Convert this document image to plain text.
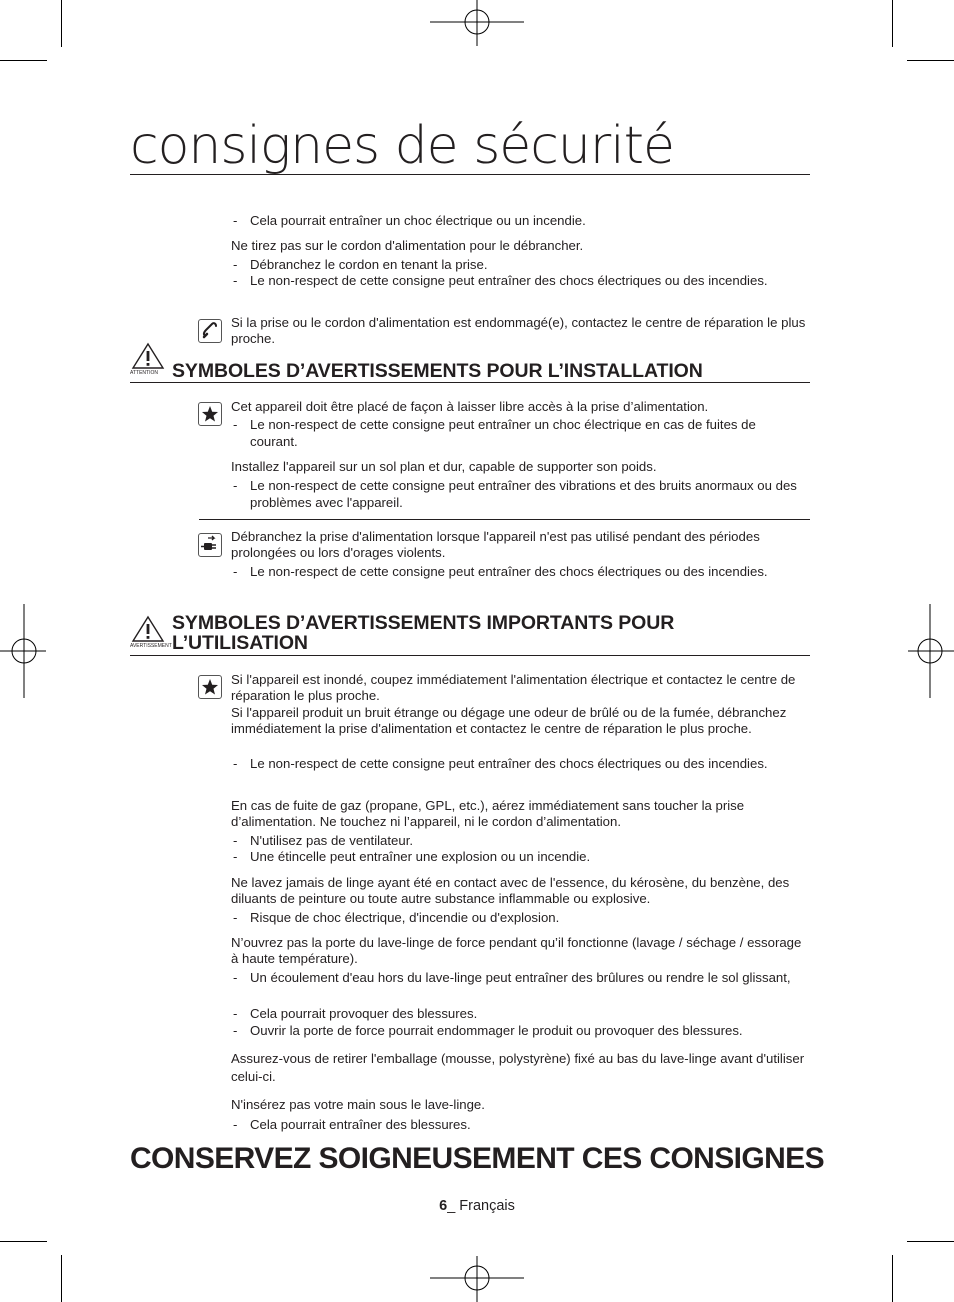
consignes de sécurité
- Cela pourrait entraîner un choc électrique ou un incendie.

Ne tirez pas sur le cordon d'alimentation pour le débrancher.

- Débranchez le cordon en tenant la prise.
- Le non-respect de cette consigne peut entraîner des chocs électriques ou des incendies.

Si la prise ou le cordon d'alimentation est endommagé(e), contactez le centre de réparation le plus proche.

ATTENTION SYMBOLES D’AVERTISSEMENTS POUR L’INSTALLATION

Cet appareil doit être placé de façon à laisser libre accès à la prise d’alimentation.

- Le non-respect de cette consigne peut entraîner un choc électrique en cas de fuites de courant.

Installez l'appareil sur un sol plan et dur, capable de supporter son poids.

- Le non-respect de cette consigne peut entraîner des vibrations et des bruits anormaux ou des problèmes avec l'appareil.

Débranchez la prise d'alimentation lorsque l'appareil n'est pas utilisé pendant des périodes prolongées ou lors d'orages violents.

- Le non-respect de cette consigne peut entraîner des chocs électriques ou des incendies.
AVERTISSEMENT
SYMBOLES D’AVERTISSEMENTS IMPORTANTS POUR
L’UTILISATION

Si l'appareil est inondé, coupez immédiatement l'alimentation électrique et contactez le centre de réparation le plus proche.

Si l'appareil produit un bruit étrange ou dégage une odeur de brûlé ou de la fumée, débranchez immédiatement la prise d'alimentation et contactez le centre de réparation le plus proche.

- Le non-respect de cette consigne peut entraîner des chocs électriques ou des incendies.

En cas de fuite de gaz (propane, GPL, etc.), aérez immédiatement sans toucher la prise d’alimentation. Ne touchez ni l’appareil, ni le cordon d’alimentation.

- N'utilisez pas de ventilateur.
- Une étincelle peut entraîner une explosion ou un incendie.

Ne lavez jamais de linge ayant été en contact avec de l'essence, du kérosène, du benzène, des diluants de peinture ou toute autre substance inflammable ou explosive.

- Risque de choc électrique, d'incendie ou d'explosion.

N’ouvrez pas la porte du lave-linge de force pendant qu’il fonctionne (lavage / séchage / essorage à haute température).

- Un écoulement d'eau hors du lave-linge peut entraîner des brûlures ou rendre le sol glissant,
- Cela pourrait provoquer des blessures.
- Ouvrir la porte de force pourrait endommager le produit ou provoquer des blessures.

Assurez-vous de retirer l'emballage (mousse, polystyrène) fixé au bas du lave-linge avant d'utiliser celui-ci.

N'insérez pas votre main sous le lave-linge.

- Cela pourrait entraîner des blessures.
CONSERVEZ SOIGNEUSEMENT CES CONSIGNES
6_ Français
